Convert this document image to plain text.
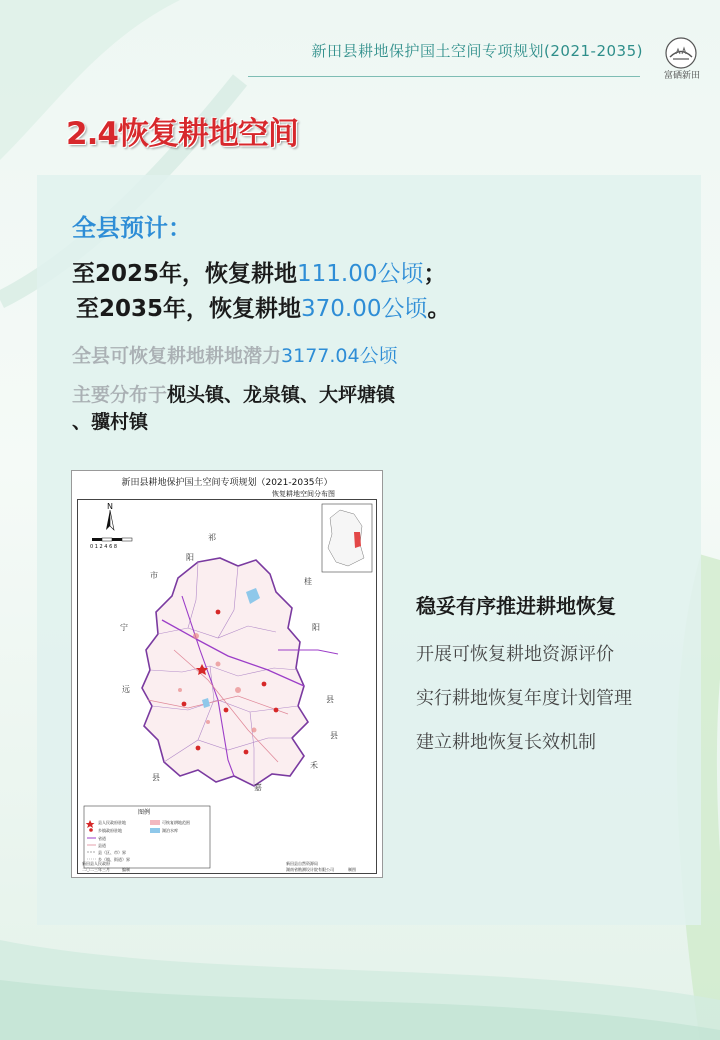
新田县耕地保护国土空间专项规划(2021-2035)
富硒新田
2.4恢复耕地空间
全县预计：
至2025年，恢复耕地111.00公顷；
至2035年，恢复耕地370.00公顷。
全县可恢复耕地耕地潜力3177.04公顷
主要分布于枧头镇、龙泉镇、大坪塘镇
、骥村镇
新田县耕地保护国土空间专项规划（2021-2035年）
恢复耕地空间分布图
N
0 1 2 4 6 8
祁
阳
市
桂
阳
宁
远
县
县
嘉
禾
县
图例
县人民政府驻地
乡镇政府驻地
省道
县道
县（区、市）界
乡（镇、街道）界
可恢复耕地范围
湖泊水库
新田县人民政府
二〇二三年三月	编制
新田县自然资源局
湖南省勘测设计院有限公司	制图
稳妥有序推进耕地恢复
开展可恢复耕地资源评价
实行耕地恢复年度计划管理
建立耕地恢复长效机制
